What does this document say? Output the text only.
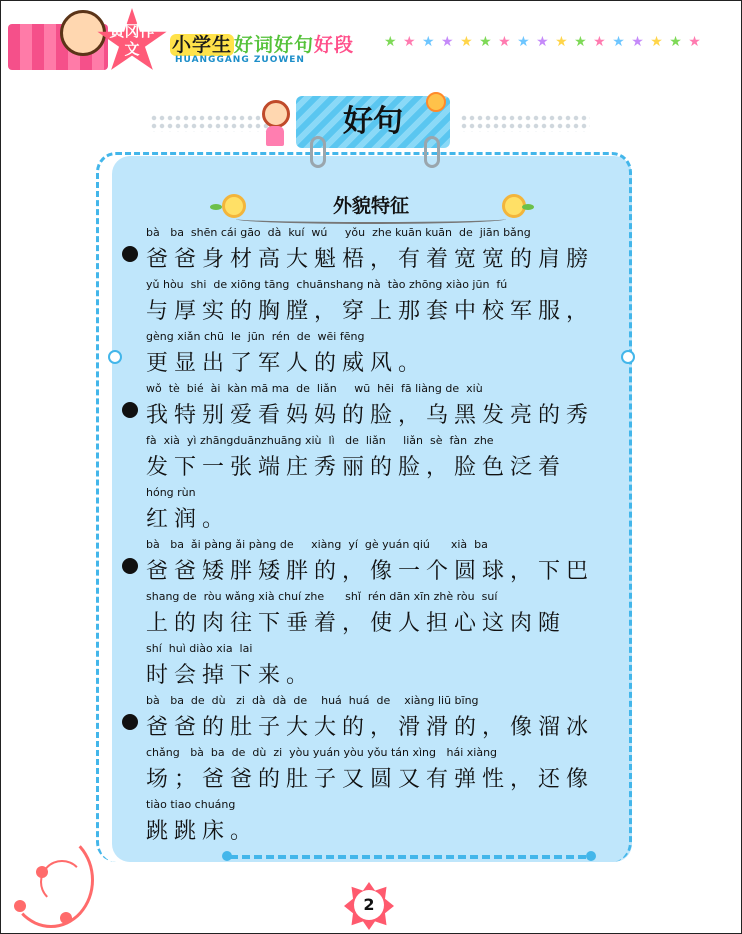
黄冈作文	小学生 好词好句好段
HUANGGANG ZUOWEN
★ ★ ★ ★ ★ ★ ★ ★ ★ ★ ★ ★ ★ ★ ★ ★ ★
好句
外貌特征
bà   ba  shēn cái gāo  dà  kuí  wú     yǒu  zhe kuān kuān  de  jiān bǎng
爸爸身材高大魁梧，有着宽宽的肩膀
yǔ hòu  shi  de xiōng tāng  chuānshang nà  tào zhōng xiào jūn  fú
与厚实的胸膛，穿上那套中校军服，
gèng xiǎn chū  le  jūn  rén  de  wēi fēng
更显出了军人的威风。
wǒ  tè  bié  ài  kàn mā ma  de  liǎn     wū  hēi  fā liàng de  xiù
我特别爱看妈妈的脸，乌黑发亮的秀
fà  xià  yì zhāngduānzhuāng xiù  lì   de  liǎn     liǎn  sè  fàn  zhe
发下一张端庄秀丽的脸，脸色泛着
hóng rùn
红润。
bà   ba  ǎi pàng ǎi pàng de     xiàng  yí  gè yuán qiú      xià  ba
爸爸矮胖矮胖的，像一个圆球，下巴
shang de  ròu wǎng xià chuí zhe      shǐ  rén dān xīn zhè ròu  suí
上的肉往下垂着，使人担心这肉随
shí  huì diào xia  lai
时会掉下来。
bà   ba  de  dù   zi  dà  dà  de    huá  huá  de    xiàng liū bīng
爸爸的肚子大大的，滑滑的，像溜冰
chǎng   bà  ba  de  dù  zi  yòu yuán yòu yǒu tán xìng   hái xiàng
场；爸爸的肚子又圆又有弹性，还像
tiào tiao chuáng
跳跳床。
2
